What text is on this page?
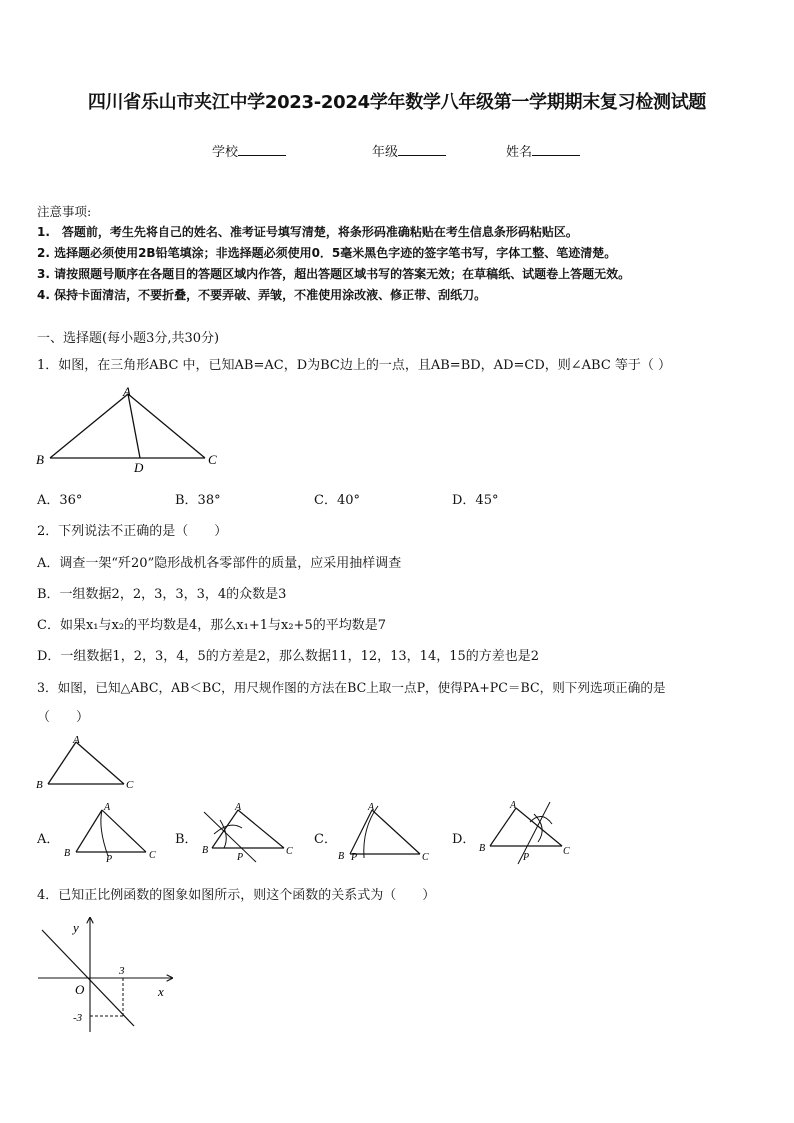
四川省乐山市夹江中学2023-2024学年数学八年级第一学期期末复习检测试题
学校	年级	姓名
注意事项:
1.　答题前，考生先将自己的姓名、准考证号填写清楚，将条形码准确粘贴在考生信息条形码粘贴区。
2. 选择题必须使用2B铅笔填涂；非选择题必须使用0．5毫米黑色字迹的签字笔书写，字体工整、笔迹清楚。
3. 请按照题号顺序在各题目的答题区域内作答，超出答题区域书写的答案无效；在草稿纸、试题卷上答题无效。
4. 保持卡面清洁，不要折叠，不要弄破、弄皱，不准使用涂改液、修正带、刮纸刀。
一、选择题(每小题3分,共30分)
1．如图，在三角形ABC 中，已知AB=AC，D为BC边上的一点，且AB=BD，AD=CD，则∠ABC 等于（ ）
A
B	C
D
A．36°	B．38°	C．40°	D．45°
2．下列说法不正确的是（　　）
A．调查一架“歼20”隐形战机各零部件的质量，应采用抽样调查
B．一组数据2，2，3，3，3，4的众数是3
C．如果x₁与x₂的平均数是4，那么x₁+1与x₂+5的平均数是7
D．一组数据1，2，3，4，5的方差是2，那么数据11，12，13，14，15的方差也是2
3．如图，已知△ABC，AB＜BC，用尺规作图的方法在BC上取一点P，使得PA+PC＝BC，则下列选项正确的是
（　　）
A
B	C
A．
A
B	C
P
B．
A
B	C
P
C．
A
B	C
P
D．
A
B	C
P
4．已知正比例函数的图象如图所示，则这个函数的关系式为（　　）
y
x
O
3
-3
